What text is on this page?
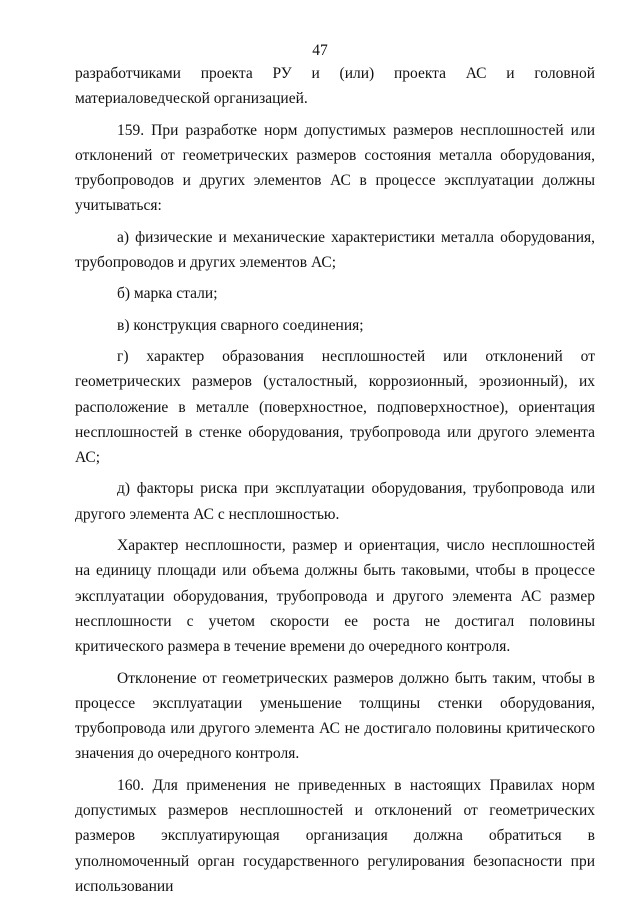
47

разработчиками проекта РУ и (или) проекта АС и головной материаловедческой организацией.

159. При разработке норм допустимых размеров несплошностей или отклонений от геометрических размеров состояния металла оборудования, трубопроводов и других элементов АС в процессе эксплуатации должны учитываться:

а) физические и механические характеристики металла оборудования, трубопроводов и других элементов АС;

б) марка стали;

в) конструкция сварного соединения;

г) характер образования несплошностей или отклонений от геометрических размеров (усталостный, коррозионный, эрозионный), их расположение в металле (поверхностное, подповерхностное), ориентация несплошностей в стенке оборудования, трубопровода или другого элемента АС;

д) факторы риска при эксплуатации оборудования, трубопровода или другого элемента АС с несплошностью.

Характер несплошности, размер и ориентация, число несплошностей на единицу площади или объема должны быть таковыми, чтобы в процессе эксплуатации оборудования, трубопровода и другого элемента АС размер несплошности с учетом скорости ее роста не достигал половины критического размера в течение времени до очередного контроля.

Отклонение от геометрических размеров должно быть таким, чтобы в процессе эксплуатации уменьшение толщины стенки оборудования, трубопровода или другого элемента АС не достигало половины критического значения до очередного контроля.

160. Для применения не приведенных в настоящих Правилах норм допустимых размеров несплошностей и отклонений от геометрических размеров эксплуатирующая организация должна обратиться в уполномоченный орган государственного регулирования безопасности при использовании
